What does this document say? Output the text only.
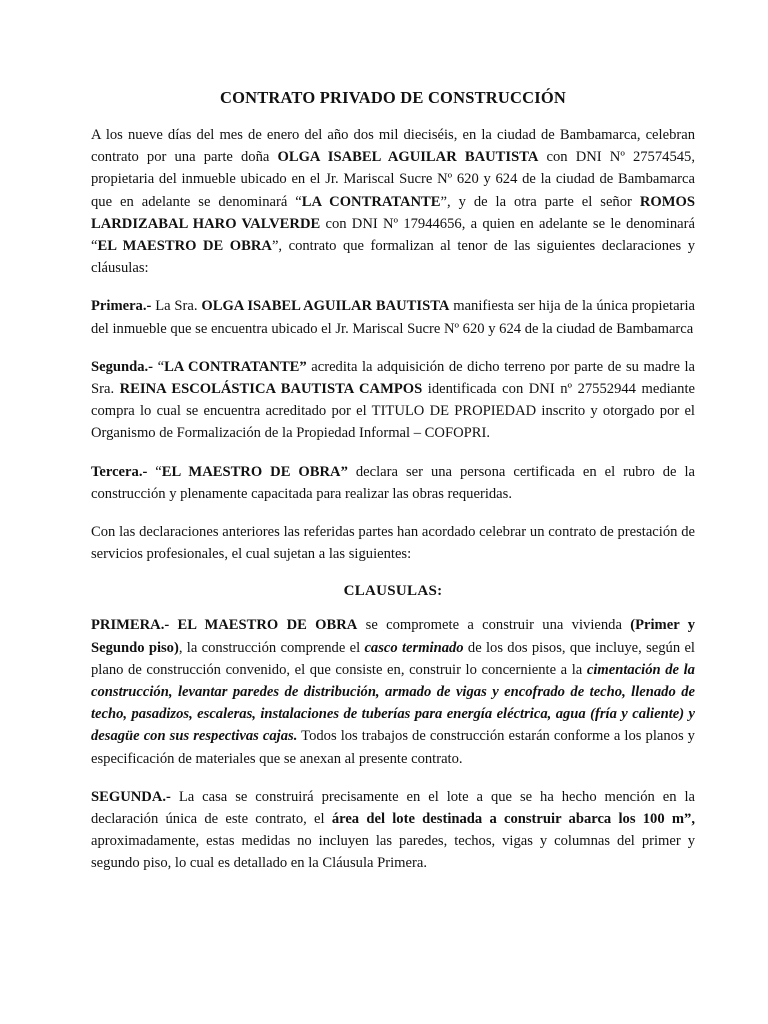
CONTRATO PRIVADO DE CONSTRUCCIÓN

A los nueve días del mes de enero del año dos mil dieciséis, en la ciudad de Bambamarca, celebran contrato por una parte doña OLGA ISABEL AGUILAR BAUTISTA con DNI Nº 27574545, propietaria del inmueble ubicado en el Jr. Mariscal Sucre Nº 620 y 624 de la ciudad de Bambamarca que en adelante se denominará “LA CONTRATANTE”, y de la otra parte el señor ROMOS LARDIZABAL HARO VALVERDE con DNI Nº 17944656, a quien en adelante se le denominará “EL MAESTRO DE OBRA”, contrato que formalizan al tenor de las siguientes declaraciones y cláusulas:

Primera.- La Sra. OLGA ISABEL AGUILAR BAUTISTA manifiesta ser hija de la única propietaria del inmueble que se encuentra ubicado el Jr. Mariscal Sucre Nº 620 y 624 de la ciudad de Bambamarca

Segunda.- “LA CONTRATANTE” acredita la adquisición de dicho terreno por parte de su madre la Sra. REINA ESCOLÁSTICA BAUTISTA CAMPOS identificada con DNI nº 27552944 mediante compra lo cual se encuentra acreditado por el TITULO DE PROPIEDAD inscrito y otorgado por el Organismo de Formalización de la Propiedad Informal – COFOPRI.

Tercera.- “EL MAESTRO DE OBRA” declara ser una persona certificada en el rubro de la construcción y plenamente capacitada para realizar las obras requeridas.

Con las declaraciones anteriores las referidas partes han acordado celebrar un contrato de prestación de servicios profesionales, el cual sujetan a las siguientes:

CLAUSULAS:

PRIMERA.- EL MAESTRO DE OBRA se compromete a construir una vivienda (Primer y Segundo piso), la construcción comprende el casco terminado de los dos pisos, que incluye, según el plano de construcción convenido, el que consiste en, construir lo concerniente a la cimentación de la construcción, levantar paredes de distribución, armado de vigas y encofrado de techo, llenado de techo, pasadizos, escaleras, instalaciones de tuberías para energía eléctrica, agua (fría y caliente) y desagüe con sus respectivas cajas. Todos los trabajos de construcción estarán conforme a los planos y especificación de materiales que se anexan al presente contrato.

SEGUNDA.- La casa se construirá precisamente en el lote a que se ha hecho mención en la declaración única de este contrato, el área del lote destinada a construir abarca los 100 m”, aproximadamente, estas medidas no incluyen las paredes, techos, vigas y columnas del primer y segundo piso, lo cual es detallado en la Cláusula Primera.
